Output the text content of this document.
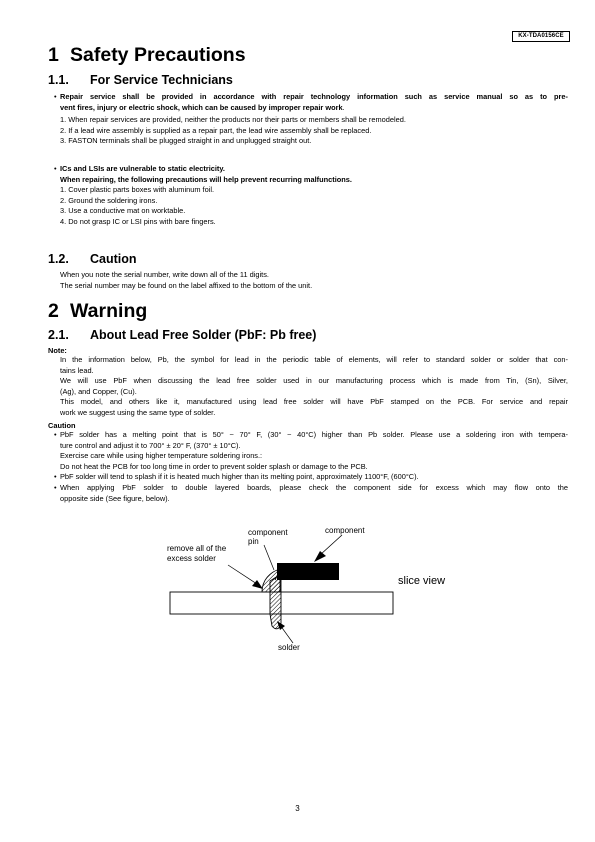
KX-TDA0156CE
1 Safety Precautions
1.1. For Service Technicians
• Repair service shall be provided in accordance with repair technology information such as service manual so as to pre-
vent fires, injury or electric shock, which can be caused by improper repair work.
1. When repair services are provided, neither the products nor their parts or members shall be remodeled.
2. If a lead wire assembly is supplied as a repair part, the lead wire assembly shall be replaced.
3. FASTON terminals shall be plugged straight in and unplugged straight out.
• ICs and LSIs are vulnerable to static electricity.
When repairing, the following precautions will help prevent recurring malfunctions.
1. Cover plastic parts boxes with aluminum foil.
2. Ground the soldering irons.
3. Use a conductive mat on worktable.
4. Do not grasp IC or LSI pins with bare fingers.
1.2. Caution
When you note the serial number, write down all of the 11 digits.
The serial number may be found on the label affixed to the bottom of the unit.
2 Warning
2.1. About Lead Free Solder (PbF: Pb free)
Note:
In the information below, Pb, the symbol for lead in the periodic table of elements, will refer to standard solder or solder that con-
tains lead.
We will use PbF when discussing the lead free solder used in our manufacturing process which is made from Tin, (Sn), Silver,
(Ag), and Copper, (Cu).
This model, and others like it, manufactured using lead free solder will have PbF stamped on the PCB. For service and repair
work we suggest using the same type of solder.
Caution
• PbF solder has a melting point that is 50° ~ 70° F, (30° ~ 40°C) higher than Pb solder. Please use a soldering iron with tempera-
ture control and adjust it to 700° ± 20° F, (370° ± 10°C).
Exercise care while using higher temperature soldering irons.:
Do not heat the PCB for too long time in order to prevent solder splash or damage to the PCB.
• PbF solder will tend to splash if it is heated much higher than its melting point, approximately 1100°F, (600°C).
• When applying PbF solder to double layered boards, please check the component side for excess which may flow onto the
opposite side (See figure, below).
component
pin
component
remove all of the
excess solder
slice view
solder
3
